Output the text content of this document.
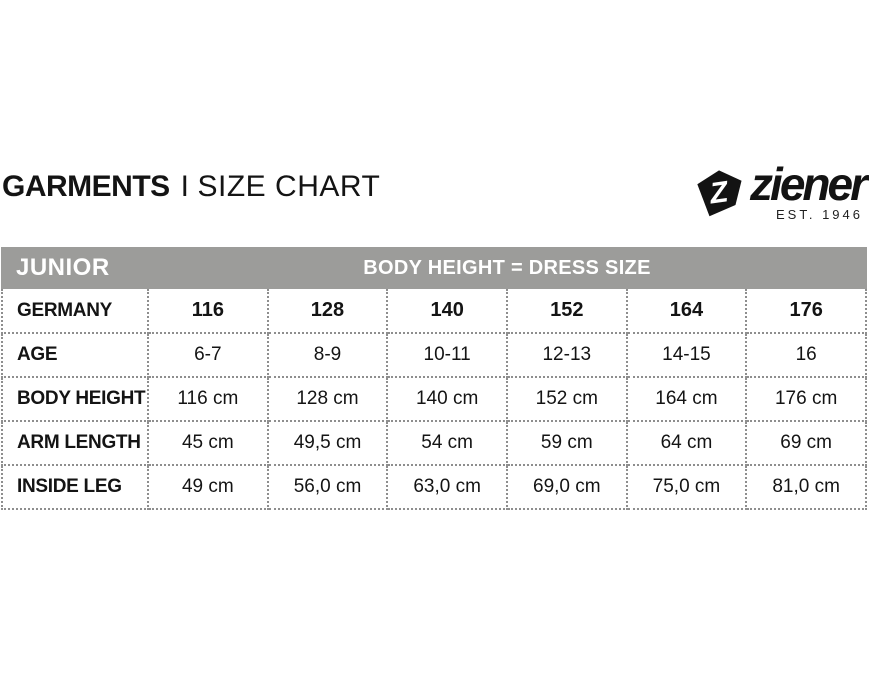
GARMENTS I SIZE CHART	Z ziener
EST. 1946
JUNIOR	BODY HEIGHT = DRESS SIZE
GERMANY	116	128	140	152	164	176
AGE	6-7	8-9	10-11	12-13	14-15	16
BODY HEIGHT	116 cm	128 cm	140 cm	152 cm	164 cm	176 cm
ARM LENGTH	45 cm	49,5 cm	54 cm	59 cm	64 cm	69 cm
INSIDE LEG	49 cm	56,0 cm	63,0 cm	69,0 cm	75,0 cm	81,0 cm
